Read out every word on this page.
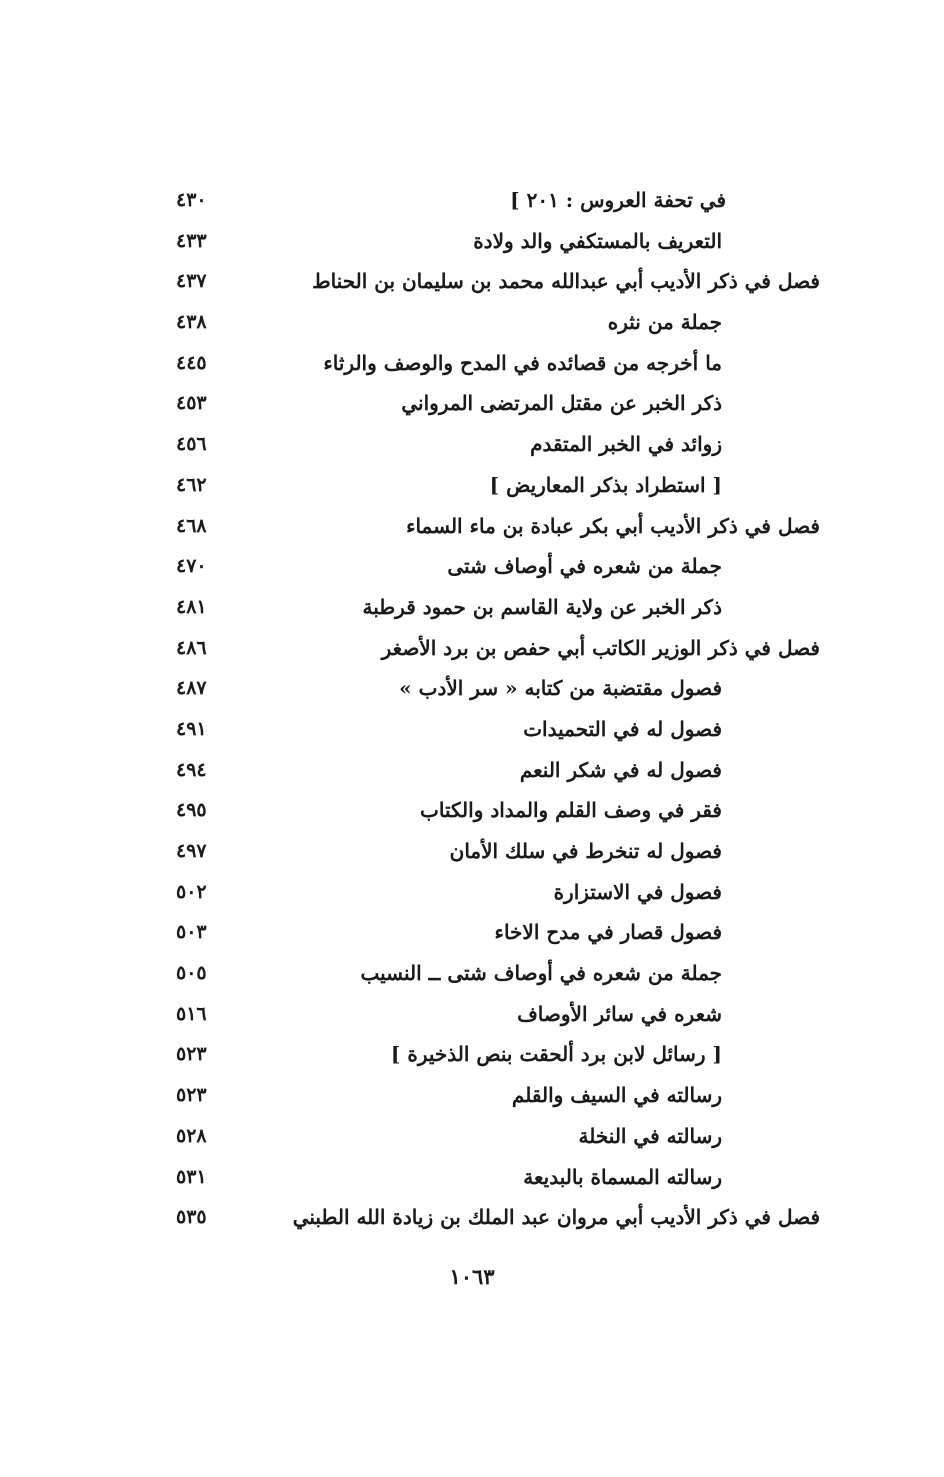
في تحفة العروس : ٢٠١ ]
٤٣٠
التعريف بالمستكفي والد ولادة
٤٣٣
فصل في ذكر الأديب أبي عبدالله محمد بن سليمان بن الحناط
٤٣٧
جملة من نثره
٤٣٨
ما أخرجه من قصائده في المدح والوصف والرثاء
٤٤٥
ذكر الخبر عن مقتل المرتضى المرواني
٤٥٣
زوائد في الخبر المتقدم
٤٥٦
[ استطراد بذكر المعاريض ]
٤٦٢
فصل في ذكر الأديب أبي بكر عبادة بن ماء السماء
٤٦٨
جملة من شعره في أوصاف شتى
٤٧٠
ذكر الخبر عن ولاية القاسم بن حمود قرطبة
٤٨١
فصل في ذكر الوزير الكاتب أبي حفص بن برد الأصغر
٤٨٦
فصول مقتضبة من كتابه « سر الأدب »
٤٨٧
فصول له في التحميدات
٤٩١
فصول له في شكر النعم
٤٩٤
فقر في وصف القلم والمداد والكتاب
٤٩٥
فصول له تنخرط في سلك الأمان
٤٩٧
فصول في الاستزارة
٥٠٢
فصول قصار في مدح الاخاء
٥٠٣
جملة من شعره في أوصاف شتى ــ النسيب
٥٠٥
شعره في سائر الأوصاف
٥١٦
[ رسائل لابن برد ألحقت بنص الذخيرة ]
٥٢٣
رسالته في السيف والقلم
٥٢٣
رسالته في النخلة
٥٢٨
رسالته المسماة بالبديعة
٥٣١
فصل في ذكر الأديب أبي مروان عبد الملك بن زيادة الله الطبني
٥٣٥
١٠٦٣
